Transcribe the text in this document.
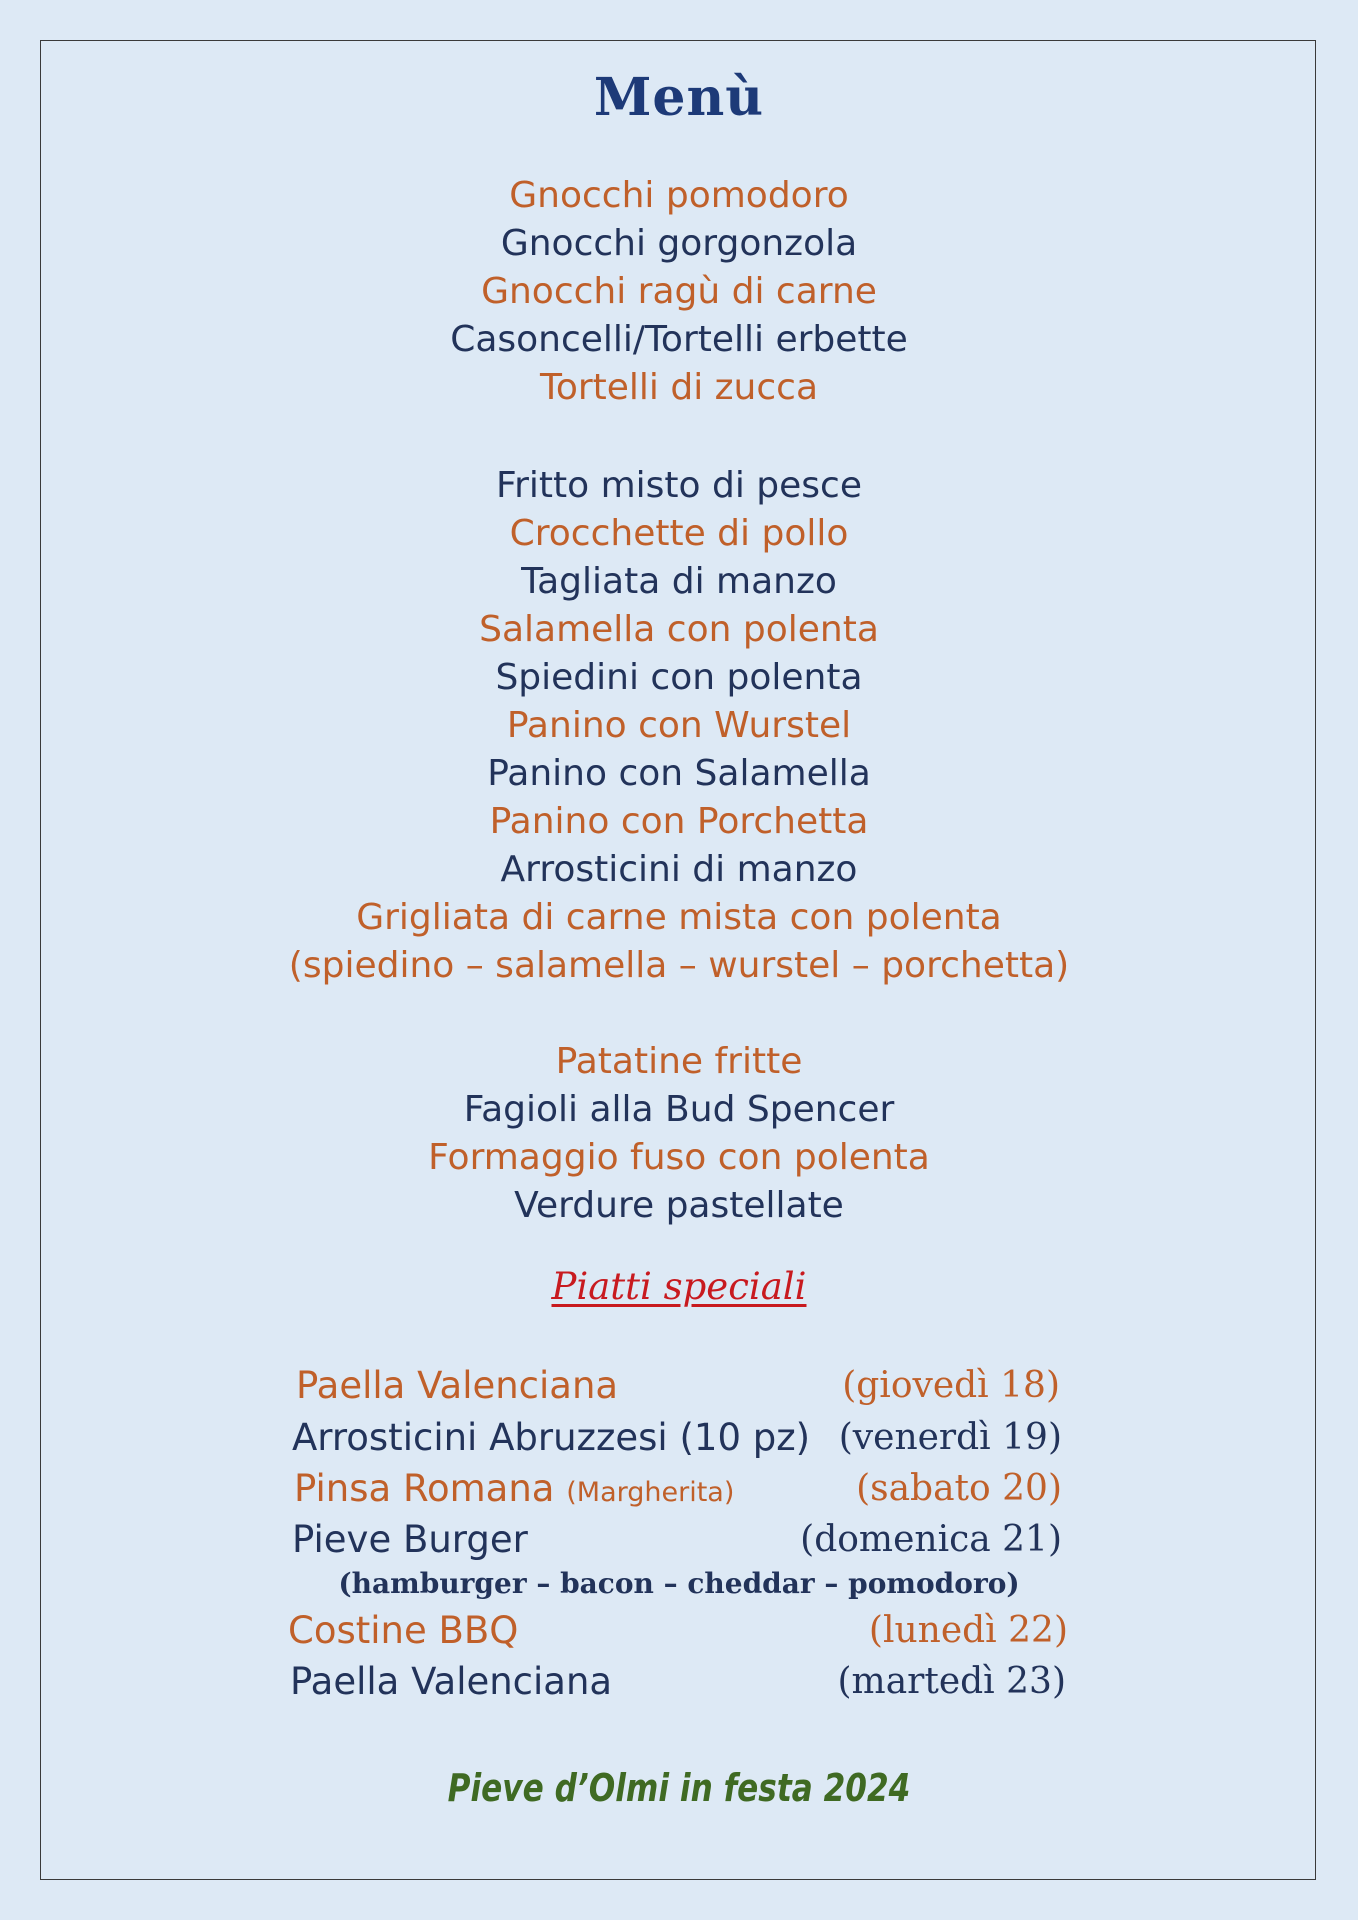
Menù
Gnocchi pomodoro
Gnocchi gorgonzola
Gnocchi ragù di carne
Casoncelli/Tortelli erbette
Tortelli di zucca
Fritto misto di pesce
Crocchette di pollo
Tagliata di manzo
Salamella con polenta
Spiedini con polenta
Panino con Wurstel
Panino con Salamella
Panino con Porchetta
Arrosticini di manzo
Grigliata di carne mista con polenta
(spiedino – salamella – wurstel – porchetta)
Patatine fritte
Fagioli alla Bud Spencer
Formaggio fuso con polenta
Verdure pastellate
Piatti speciali
Paella Valenciana	(giovedì 18)
Arrosticini Abruzzesi (10 pz) (venerdì 19)
Pinsa Romana (Margherita)	(sabato 20)
Pieve Burger	(domenica 21)
(hamburger – bacon – cheddar – pomodoro)
Costine BBQ	(lunedì 22)
Paella Valenciana	(martedì 23)
Pieve d’Olmi in festa 2024
